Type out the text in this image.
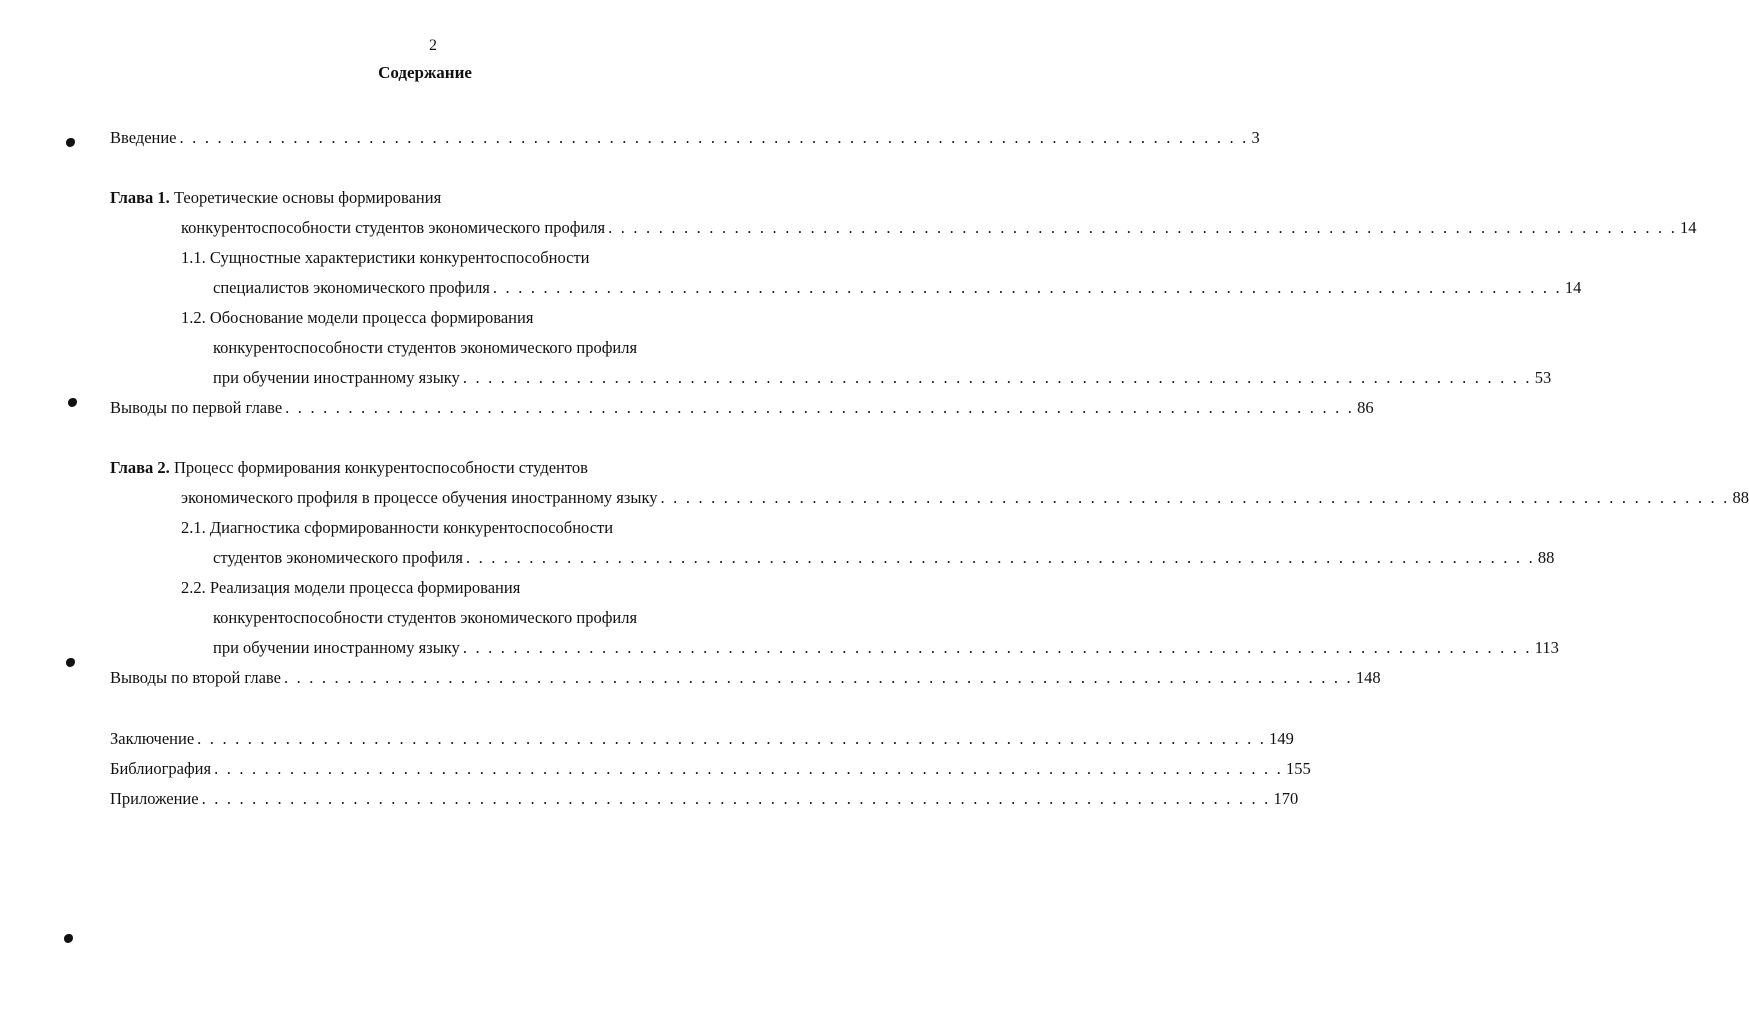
2
Содержание
Введение . . . . . . . . . . . . . . . . . . . . . . . . . . . . . . . . . . . . . . . . . . . . . . . . . . . . . . . . . . . . . . . . . . . . . . . . . . . . . . . . . . . . . 3
Глава 1. Теоретические основы формирования
конкурентоспособности студентов экономического профиля . . . . . . . . . . . . . . . . . . . . . . . . . . . . . . . . . . . . . . . . . . . . . . . . . . . . . . . . . . . . . . . . . . . . . . . . . . . . . . . . . . . . . 14
1.1. Сущностные характеристики конкурентоспособности
специалистов экономического профиля . . . . . . . . . . . . . . . . . . . . . . . . . . . . . . . . . . . . . . . . . . . . . . . . . . . . . . . . . . . . . . . . . . . . . . . . . . . . . . . . . . . . . 14
1.2. Обоснование модели процесса формирования
конкурентоспособности студентов экономического профиля
при обучении иностранному языку . . . . . . . . . . . . . . . . . . . . . . . . . . . . . . . . . . . . . . . . . . . . . . . . . . . . . . . . . . . . . . . . . . . . . . . . . . . . . . . . . . . . . 53
Выводы по первой главе . . . . . . . . . . . . . . . . . . . . . . . . . . . . . . . . . . . . . . . . . . . . . . . . . . . . . . . . . . . . . . . . . . . . . . . . . . . . . . . . . . . . . 86
Глава 2. Процесс формирования конкурентоспособности студентов
экономического профиля в процессе обучения иностранному языку . . . . . . . . . . . . . . . . . . . . . . . . . . . . . . . . . . . . . . . . . . . . . . . . . . . . . . . . . . . . . . . . . . . . . . . . . . . . . . . . . . . . . 88
2.1. Диагностика сформированности конкурентоспособности
студентов экономического профиля . . . . . . . . . . . . . . . . . . . . . . . . . . . . . . . . . . . . . . . . . . . . . . . . . . . . . . . . . . . . . . . . . . . . . . . . . . . . . . . . . . . . . 88
2.2. Реализация модели процесса формирования
конкурентоспособности студентов экономического профиля
при обучении иностранному языку . . . . . . . . . . . . . . . . . . . . . . . . . . . . . . . . . . . . . . . . . . . . . . . . . . . . . . . . . . . . . . . . . . . . . . . . . . . . . . . . . . . . . 113
Выводы по второй главе . . . . . . . . . . . . . . . . . . . . . . . . . . . . . . . . . . . . . . . . . . . . . . . . . . . . . . . . . . . . . . . . . . . . . . . . . . . . . . . . . . . . . 148
Заключение . . . . . . . . . . . . . . . . . . . . . . . . . . . . . . . . . . . . . . . . . . . . . . . . . . . . . . . . . . . . . . . . . . . . . . . . . . . . . . . . . . . . . 149
Библиография . . . . . . . . . . . . . . . . . . . . . . . . . . . . . . . . . . . . . . . . . . . . . . . . . . . . . . . . . . . . . . . . . . . . . . . . . . . . . . . . . . . . . 155
Приложение . . . . . . . . . . . . . . . . . . . . . . . . . . . . . . . . . . . . . . . . . . . . . . . . . . . . . . . . . . . . . . . . . . . . . . . . . . . . . . . . . . . . . 170
